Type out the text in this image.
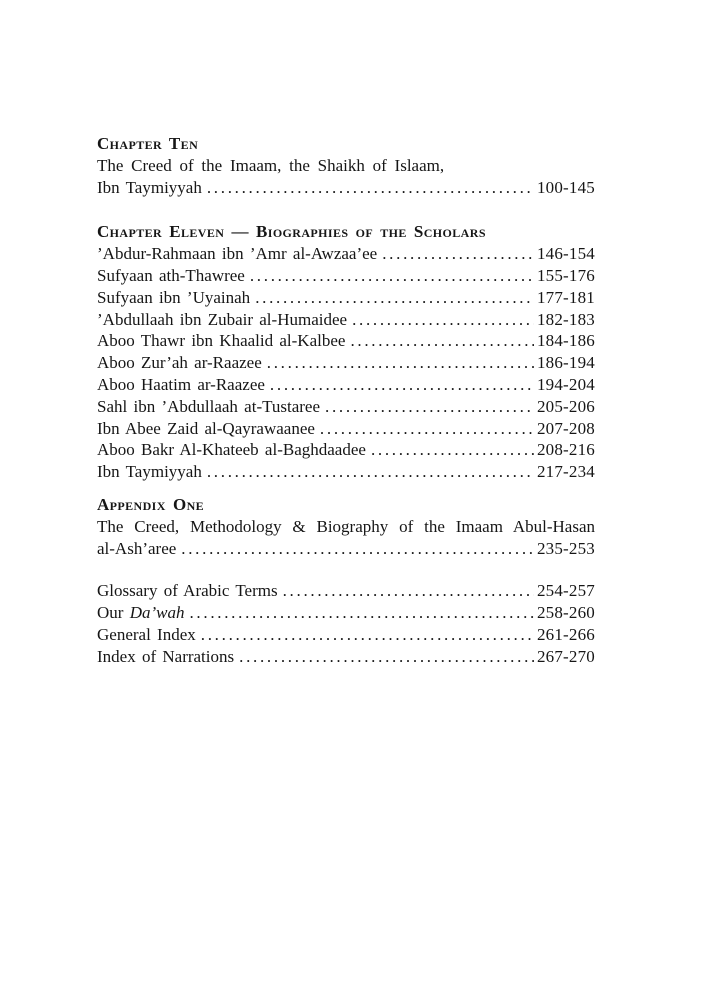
Chapter Ten
The Creed of the Imaam, the Shaikh of Islaam,
Ibn Taymiyyah .....	100-145
Chapter Eleven — Biographies of the Scholars
’Abdur-Rahmaan ibn ’Amr al-Awzaa’ee .....	146-154
Sufyaan ath-Thawree .....	155-176
Sufyaan ibn ’Uyainah .....	177-181
’Abdullaah ibn Zubair al-Humaidee .....	182-183
Aboo Thawr ibn Khaalid al-Kalbee .....	184-186
Aboo Zur’ah ar-Raazee .....	186-194
Aboo Haatim ar-Raazee .....	194-204
Sahl ibn ’Abdullaah at-Tustaree .....	205-206
Ibn Abee Zaid al-Qayrawaanee .....	207-208
Aboo Bakr Al-Khateeb al-Baghdaadee .....	208-216
Ibn Taymiyyah .....	217-234
Appendix One
The Creed, Methodology & Biography of the Imaam Abul-Hasan
al-Ash’aree .....	235-253
Glossary of Arabic Terms .....	254-257
Our Da’wah .....	258-260
General Index .....	261-266
Index of Narrations .....	267-270
